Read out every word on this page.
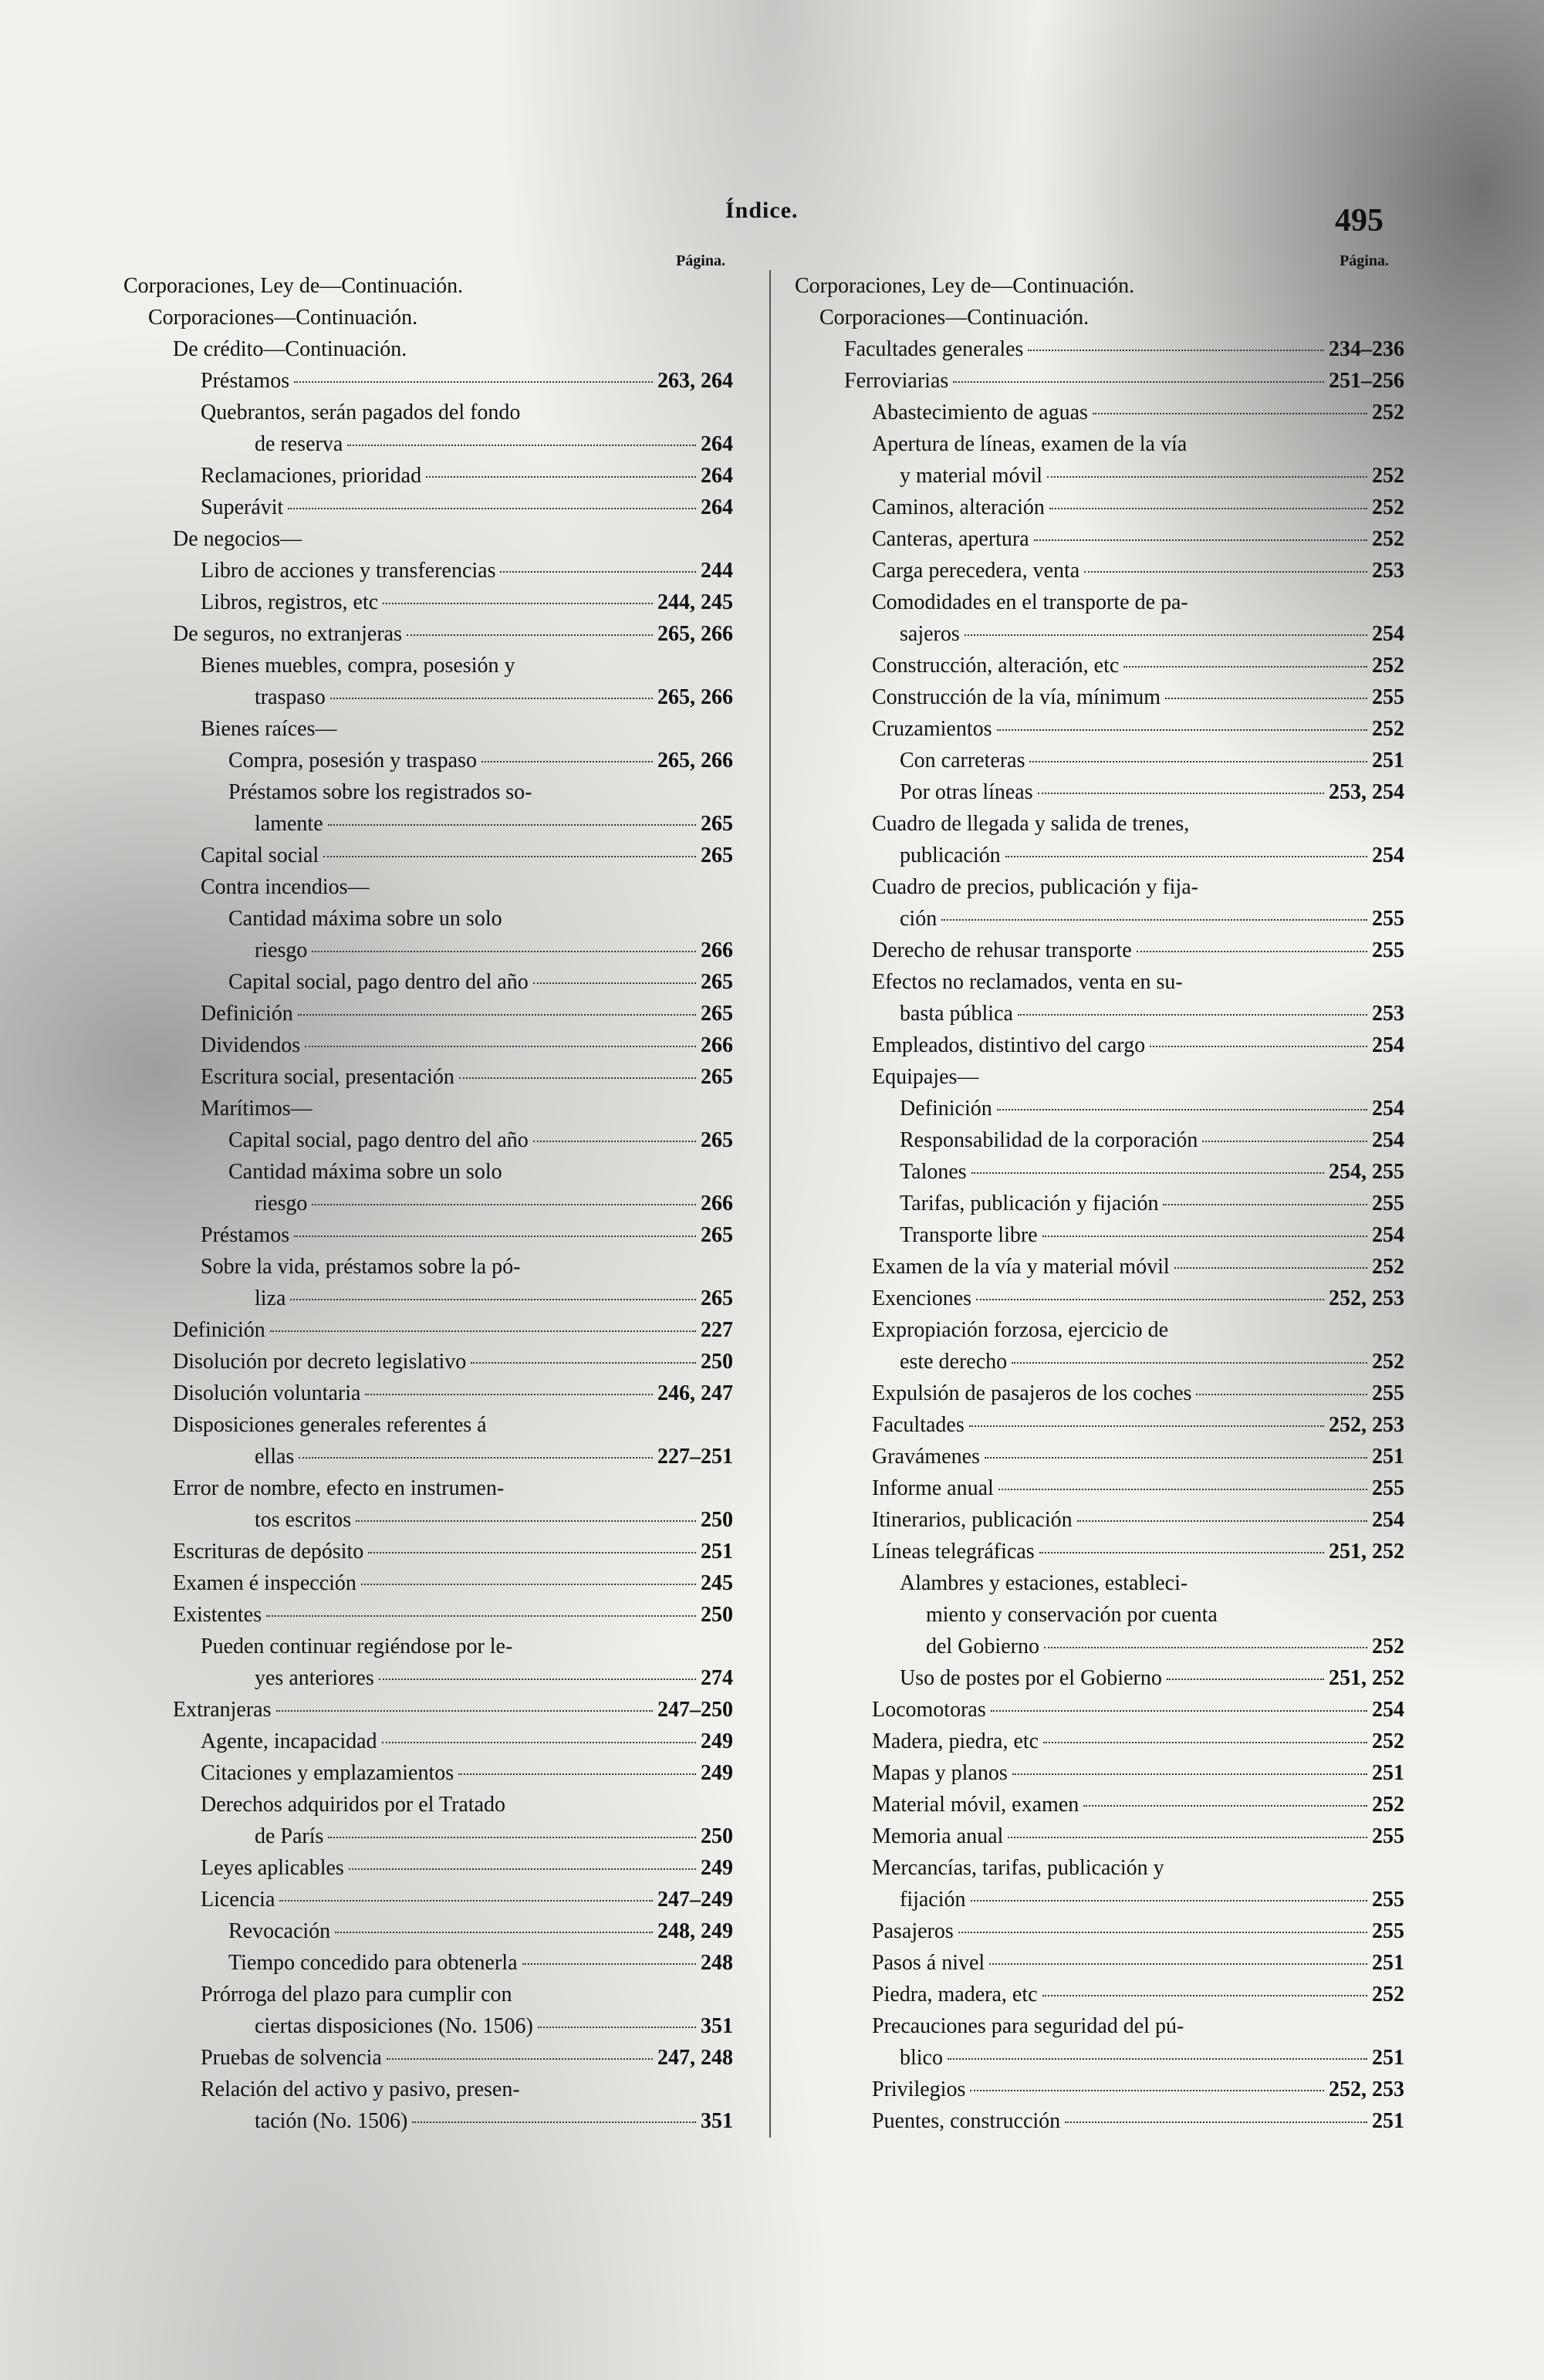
Índice.	495
Página.
Corporaciones, Ley de—Continuación.
Corporaciones—Continuación.
De crédito—Continuación.
Préstamos	263, 264
Quebrantos, serán pagados del fondo
de reserva	264
Reclamaciones, prioridad	264
Superávit	264
De negocios—
Libro de acciones y transferencias	244
Libros, registros, etc	244, 245
De seguros, no extranjeras	265, 266
Bienes muebles, compra, posesión y
traspaso	265, 266
Bienes raíces—
Compra, posesión y traspaso	265, 266
Préstamos sobre los registrados so-
lamente	265
Capital social	265
Contra incendios—
Cantidad máxima sobre un solo
riesgo	266
Capital social, pago dentro del año	265
Definición	265
Dividendos	266
Escritura social, presentación	265
Marítimos—
Capital social, pago dentro del año	265
Cantidad máxima sobre un solo
riesgo	266
Préstamos	265
Sobre la vida, préstamos sobre la pó-
liza	265
Definición	227
Disolución por decreto legislativo	250
Disolución voluntaria	246, 247
Disposiciones generales referentes á
ellas	227–251
Error de nombre, efecto en instrumen-
tos escritos	250
Escrituras de depósito	251
Examen é inspección	245
Existentes	250
Pueden continuar regiéndose por le-
yes anteriores	274
Extranjeras	247–250
Agente, incapacidad	249
Citaciones y emplazamientos	249
Derechos adquiridos por el Tratado
de París	250
Leyes aplicables	249
Licencia	247–249
Revocación	248, 249
Tiempo concedido para obtenerla	248
Prórroga del plazo para cumplir con
ciertas disposiciones (No. 1506)	351
Pruebas de solvencia	247, 248
Relación del activo y pasivo, presen-
tación (No. 1506)	351
Página.
Corporaciones, Ley de—Continuación.
Corporaciones—Continuación.
Facultades generales	234–236
Ferroviarias	251–256
Abastecimiento de aguas	252
Apertura de líneas, examen de la vía
y material móvil	252
Caminos, alteración	252
Canteras, apertura	252
Carga perecedera, venta	253
Comodidades en el transporte de pa-
sajeros	254
Construcción, alteración, etc	252
Construcción de la vía, mínimum	255
Cruzamientos	252
Con carreteras	251
Por otras líneas	253, 254
Cuadro de llegada y salida de trenes,
publicación	254
Cuadro de precios, publicación y fija-
ción	255
Derecho de rehusar transporte	255
Efectos no reclamados, venta en su-
basta pública	253
Empleados, distintivo del cargo	254
Equipajes—
Definición	254
Responsabilidad de la corporación	254
Talones	254, 255
Tarifas, publicación y fijación	255
Transporte libre	254
Examen de la vía y material móvil	252
Exenciones	252, 253
Expropiación forzosa, ejercicio de
este derecho	252
Expulsión de pasajeros de los coches	255
Facultades	252, 253
Gravámenes	251
Informe anual	255
Itinerarios, publicación	254
Líneas telegráficas	251, 252
Alambres y estaciones, estableci-
miento y conservación por cuenta
del Gobierno	252
Uso de postes por el Gobierno	251, 252
Locomotoras	254
Madera, piedra, etc	252
Mapas y planos	251
Material móvil, examen	252
Memoria anual	255
Mercancías, tarifas, publicación y
fijación	255
Pasajeros	255
Pasos á nivel	251
Piedra, madera, etc	252
Precauciones para seguridad del pú-
blico	251
Privilegios	252, 253
Puentes, construcción	251
